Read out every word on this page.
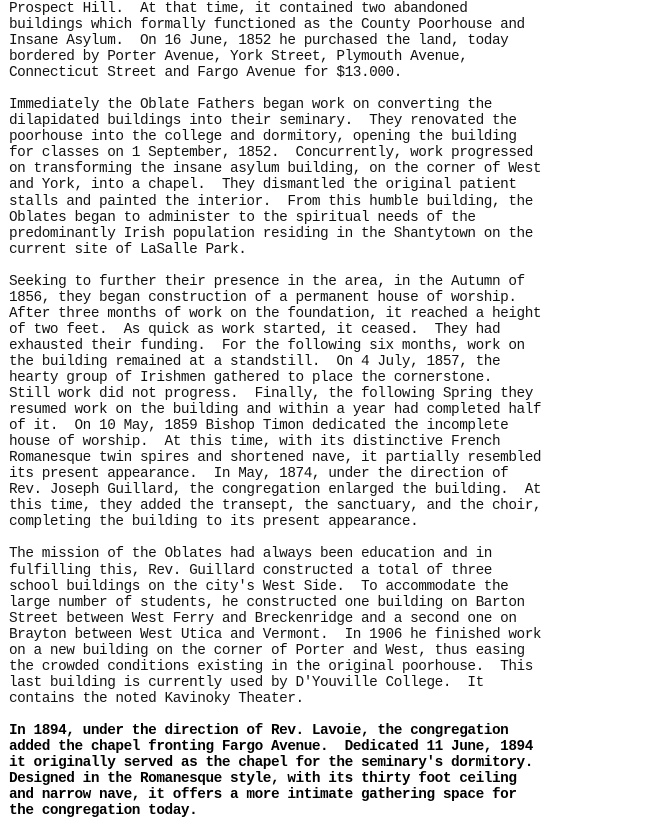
Prospect Hill.  At that time, it contained two abandoned
buildings which formally functioned as the County Poorhouse and
Insane Asylum.  On 16 June, 1852 he purchased the land, today
bordered by Porter Avenue, York Street, Plymouth Avenue,
Connecticut Street and Fargo Avenue for $13.000.
Immediately the Oblate Fathers began work on converting the
dilapidated buildings into their seminary.  They renovated the
poorhouse into the college and dormitory, opening the building
for classes on 1 September, 1852.  Concurrently, work progressed
on transforming the insane asylum building, on the corner of West
and York, into a chapel.  They dismantled the original patient
stalls and painted the interior.  From this humble building, the
Oblates began to administer to the spiritual needs of the
predominantly Irish population residing in the Shantytown on the
current site of LaSalle Park.
Seeking to further their presence in the area, in the Autumn of
1856, they began construction of a permanent house of worship.
After three months of work on the foundation, it reached a height
of two feet.  As quick as work started, it ceased.  They had
exhausted their funding.  For the following six months, work on
the building remained at a standstill.  On 4 July, 1857, the
hearty group of Irishmen gathered to place the cornerstone.
Still work did not progress.  Finally, the following Spring they
resumed work on the building and within a year had completed half
of it.  On 10 May, 1859 Bishop Timon dedicated the incomplete
house of worship.  At this time, with its distinctive French
Romanesque twin spires and shortened nave, it partially resembled
its present appearance.  In May, 1874, under the direction of
Rev. Joseph Guillard, the congregation enlarged the building.  At
this time, they added the transept, the sanctuary, and the choir,
completing the building to its present appearance.
The mission of the Oblates had always been education and in
fulfilling this, Rev. Guillard constructed a total of three
school buildings on the city's West Side.  To accommodate the
large number of students, he constructed one building on Barton
Street between West Ferry and Breckenridge and a second one on
Brayton between West Utica and Vermont.  In 1906 he finished work
on a new building on the corner of Porter and West, thus easing
the crowded conditions existing in the original poorhouse.  This
last building is currently used by D'Youville College.  It
contains the noted Kavinoky Theater.
In 1894, under the direction of Rev. Lavoie, the congregation
added the chapel fronting Fargo Avenue.  Dedicated 11 June, 1894
it originally served as the chapel for the seminary's dormitory.
Designed in the Romanesque style, with its thirty foot ceiling
and narrow nave, it offers a more intimate gathering space for
the congregation today.
